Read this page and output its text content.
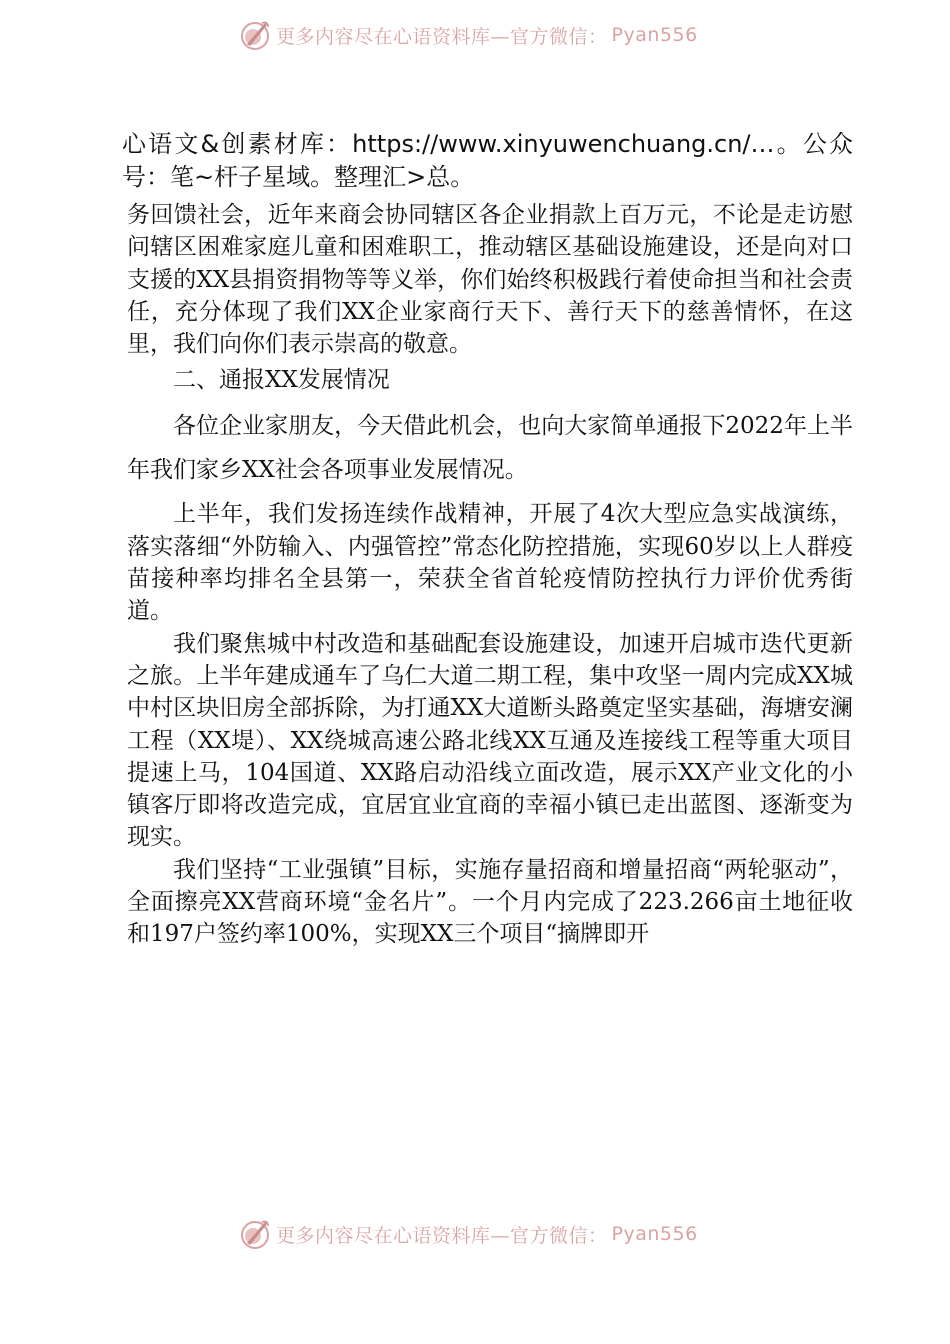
更多内容尽在心语资料库—官方微信： Pyan556

心语文&创素材库：https://www.xinyuwenchuang.cn/…。公众号：笔~杆子星域。整理汇>总。

务回馈社会，近年来商会协同辖区各企业捐款上百万元，不论是走访慰问辖区困难家庭儿童和困难职工，推动辖区基础设施建设，还是向对口支援的XX县捐资捐物等等义举，你们始终积极践行着使命担当和社会责任，充分体现了我们XX企业家商行天下、善行天下的慈善情怀，在这里，我们向你们表示崇高的敬意。

二、通报XX发展情况

各位企业家朋友，今天借此机会，也向大家简单通报下2022年上半年我们家乡XX社会各项事业发展情况。

上半年，我们发扬连续作战精神，开展了4次大型应急实战演练，落实落细“外防输入、内强管控”常态化防控措施，实现60岁以上人群疫苗接种率均排名全县第一，荣获全省首轮疫情防控执行力评价优秀街道。

我们聚焦城中村改造和基础配套设施建设，加速开启城市迭代更新之旅。上半年建成通车了乌仁大道二期工程，集中攻坚一周内完成XX城中村区块旧房全部拆除，为打通XX大道断头路奠定坚实基础，海塘安澜工程（XX堤）、XX绕城高速公路北线XX互通及连接线工程等重大项目提速上马，104国道、XX路启动沿线立面改造，展示XX产业文化的小镇客厅即将改造完成，宜居宜业宜商的幸福小镇已走出蓝图、逐渐变为现实。

我们坚持“工业强镇”目标，实施存量招商和增量招商“两轮驱动”，全面擦亮XX营商环境“金名片”。一个月内完成了223.266亩土地征收和197户签约率100%，实现XX三个项目“摘牌即开

更多内容尽在心语资料库—官方微信： Pyan556
